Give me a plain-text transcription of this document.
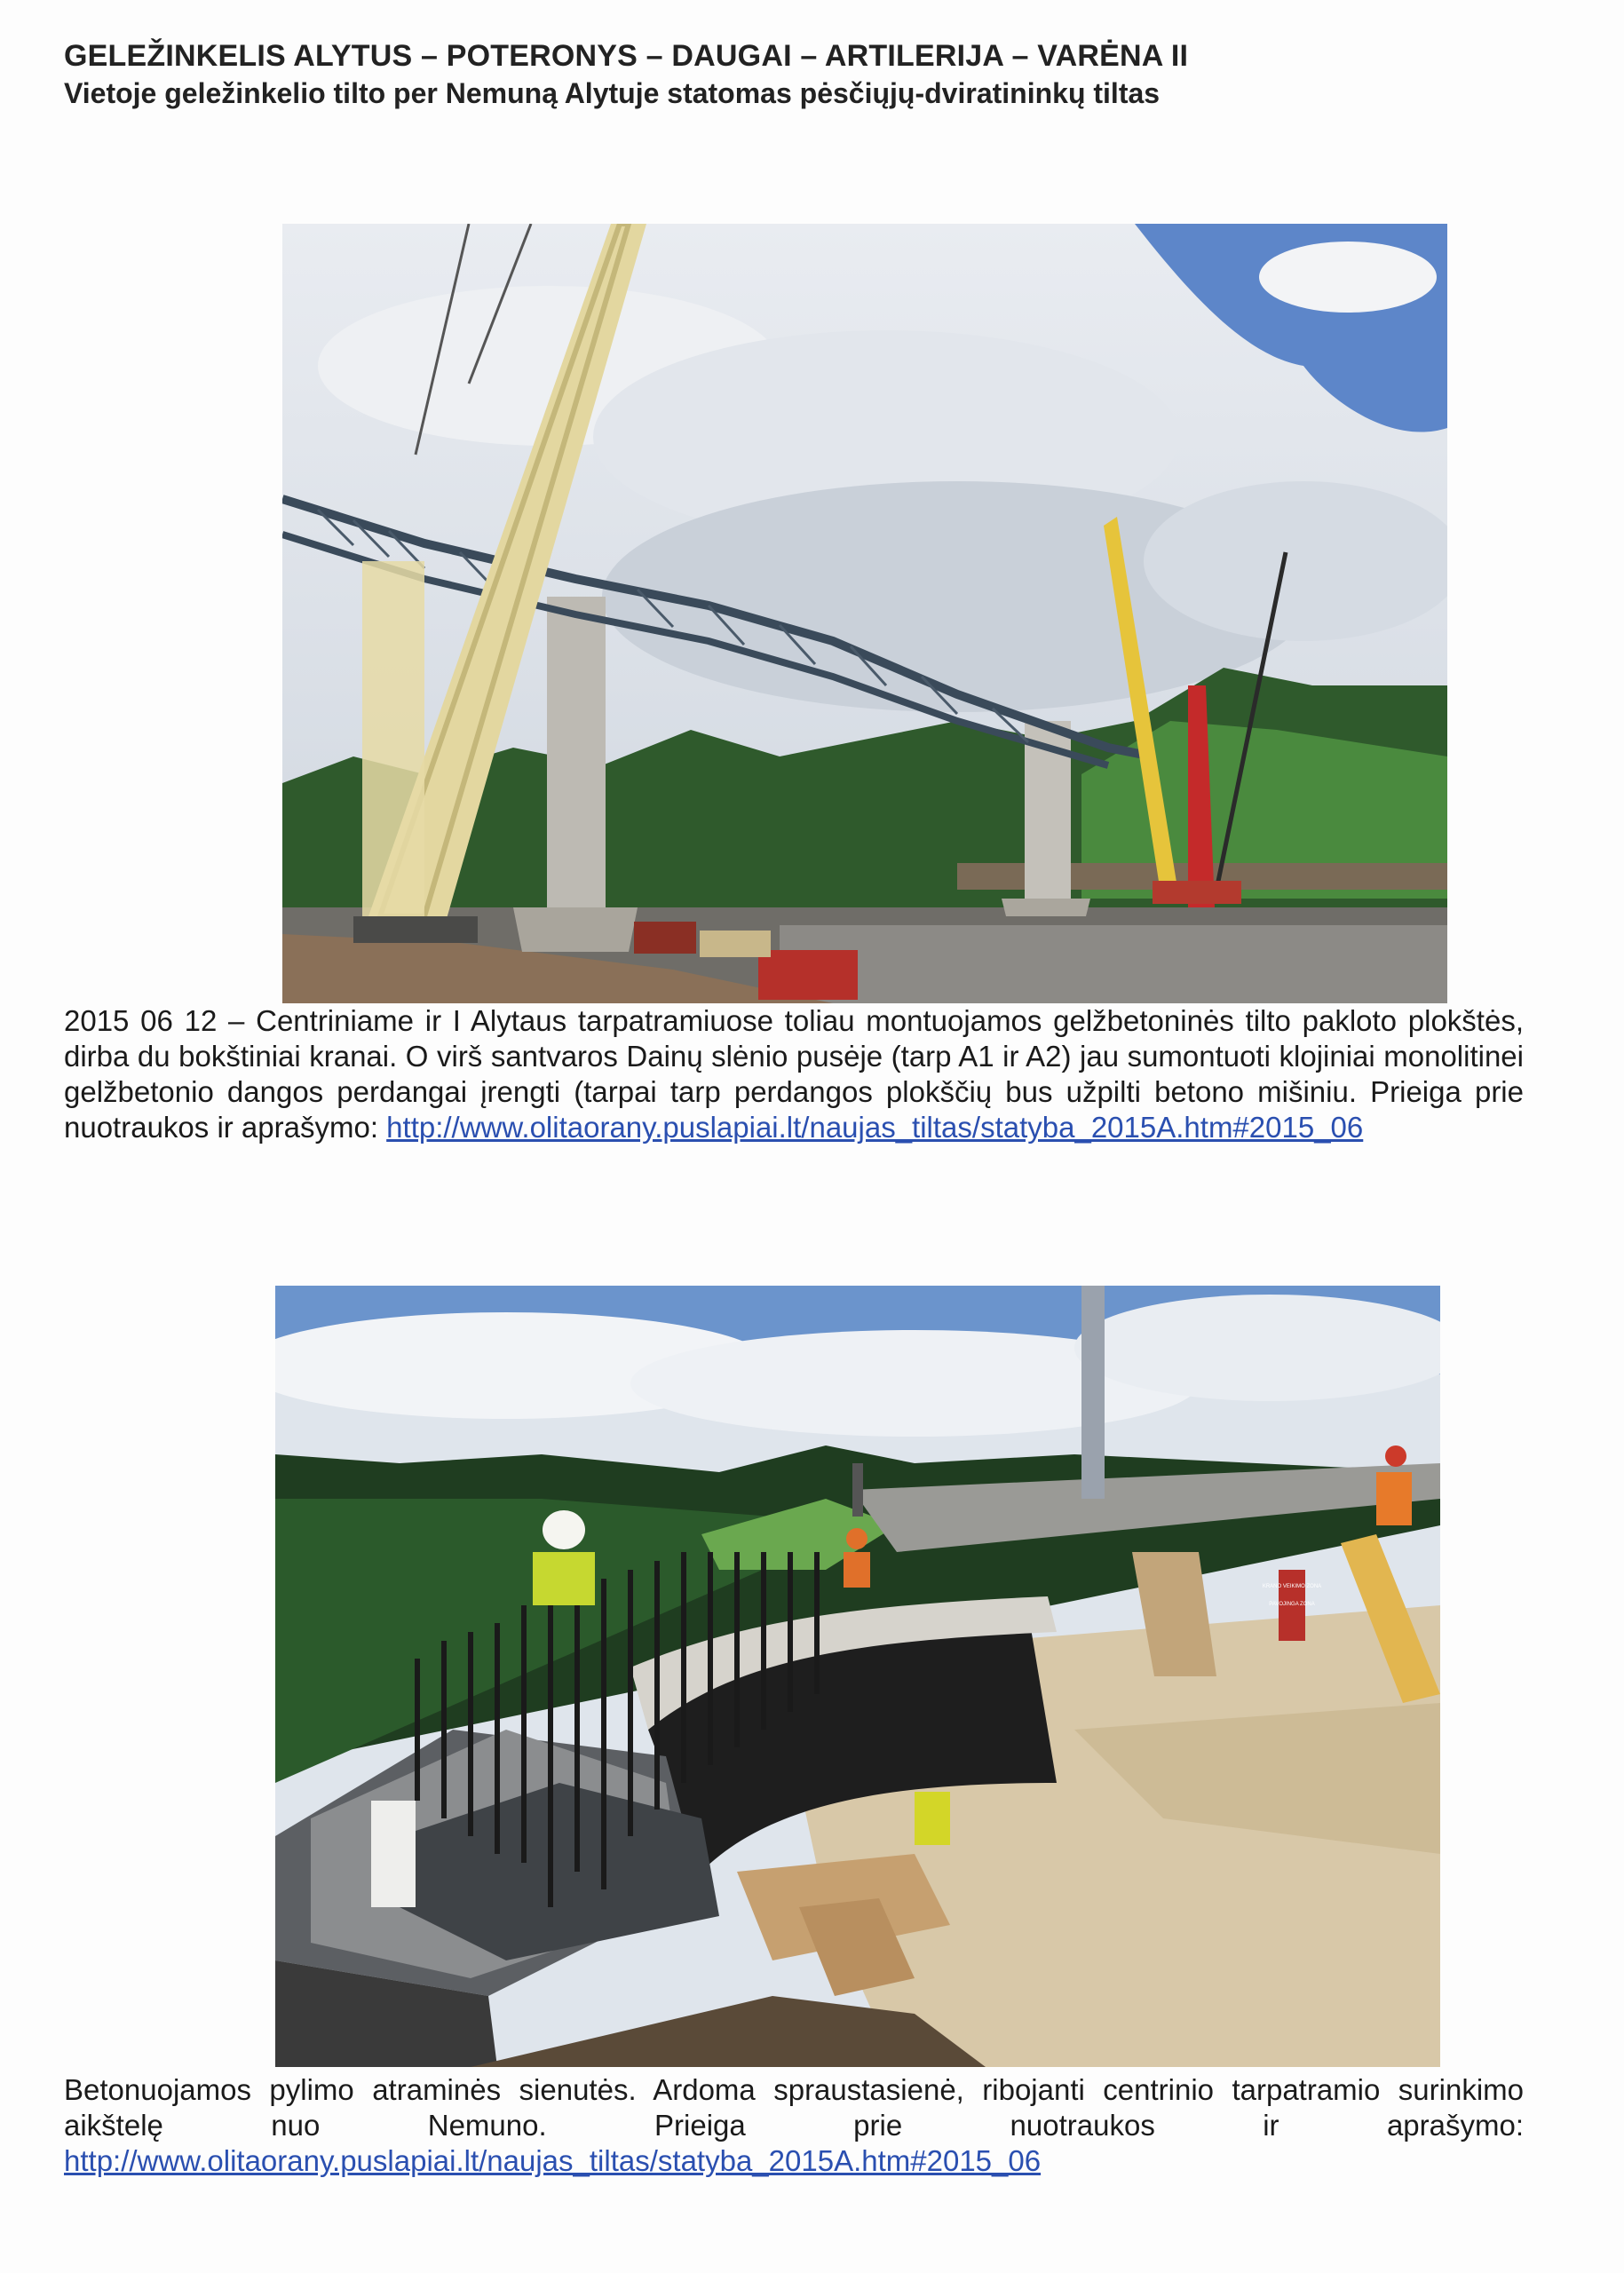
GELEŽINKELIS ALYTUS – POTERONYS – DAUGAI – ARTILERIJA – VARĖNA II
Vietoje geležinkelio tilto per Nemuną Alytuje statomas pėsčiųjų-dviratininkų tiltas
2015 06 12 – Centriniame ir I Alytaus tarpatramiuose toliau montuojamos gelžbetoninės tilto pakloto plokštės, dirba du bokštiniai kranai. O virš santvaros Dainų slėnio pusėje (tarp A1 ir A2) jau sumontuoti klojiniai monolitinei gelžbetonio dangos perdangai įrengti (tarpai tarp perdangos plokščių bus užpilti betono mišiniu. Prieiga prie nuotraukos ir aprašymo: http://www.olitaorany.puslapiai.lt/naujas_tiltas/statyba_2015A.htm#2015_06
KRANO VEIKIMO ZONA
PAVOJINGA ZONA
Betonuojamos pylimo atraminės sienutės. Ardoma spraustasienė, ribojanti centrinio tarpatramio surinkimo aikštelę nuo Nemuno. Prieiga prie nuotraukos ir aprašymo: http://www.olitaorany.puslapiai.lt/naujas_tiltas/statyba_2015A.htm#2015_06
